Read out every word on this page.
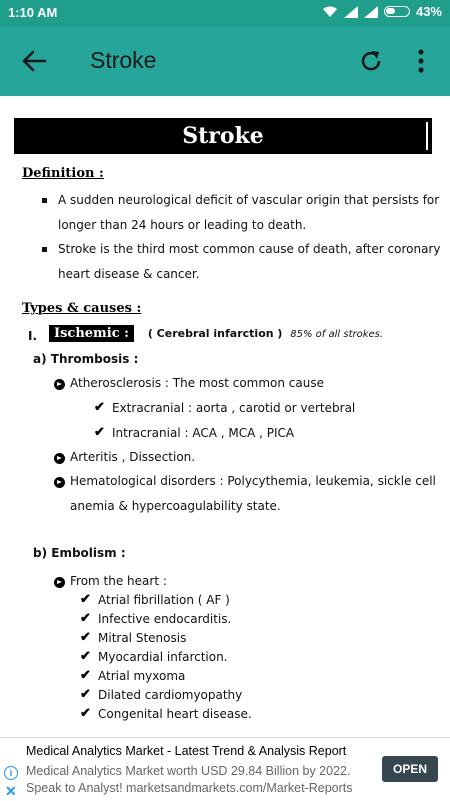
1:10 AM	43%
Stroke
Stroke
Definition :
A sudden neurological deficit of vascular origin that persists for
longer than 24 hours or leading to death.
Stroke is the third most common cause of death, after coronary
heart disease & cancer.
Types & causes :
I.	Ischemic : ( Cerebral infarction ) 85% of all strokes.
a) Thrombosis :
Atherosclerosis : The most common cause
✔ Extracranial : aorta , carotid or vertebral
✔ Intracranial : ACA , MCA , PICA
Arteritis , Dissection.
Hematological disorders : Polycythemia, leukemia, sickle cell
anemia & hypercoagulability state.
b) Embolism :
From the heart :
✔ Atrial fibrillation ( AF )
✔ Infective endocarditis.
✔ Mitral Stenosis
✔ Myocardial infarction.
✔ Atrial myxoma
✔ Dilated cardiomyopathy
✔ Congenital heart disease.
Medical Analytics Market - Latest Trend & Analysis Report
i	Medical Analytics Market worth USD 29.84 Billion by 2022.
✕ Speak to Analyst! marketsandmarkets.com/Market-Reports
OPEN
